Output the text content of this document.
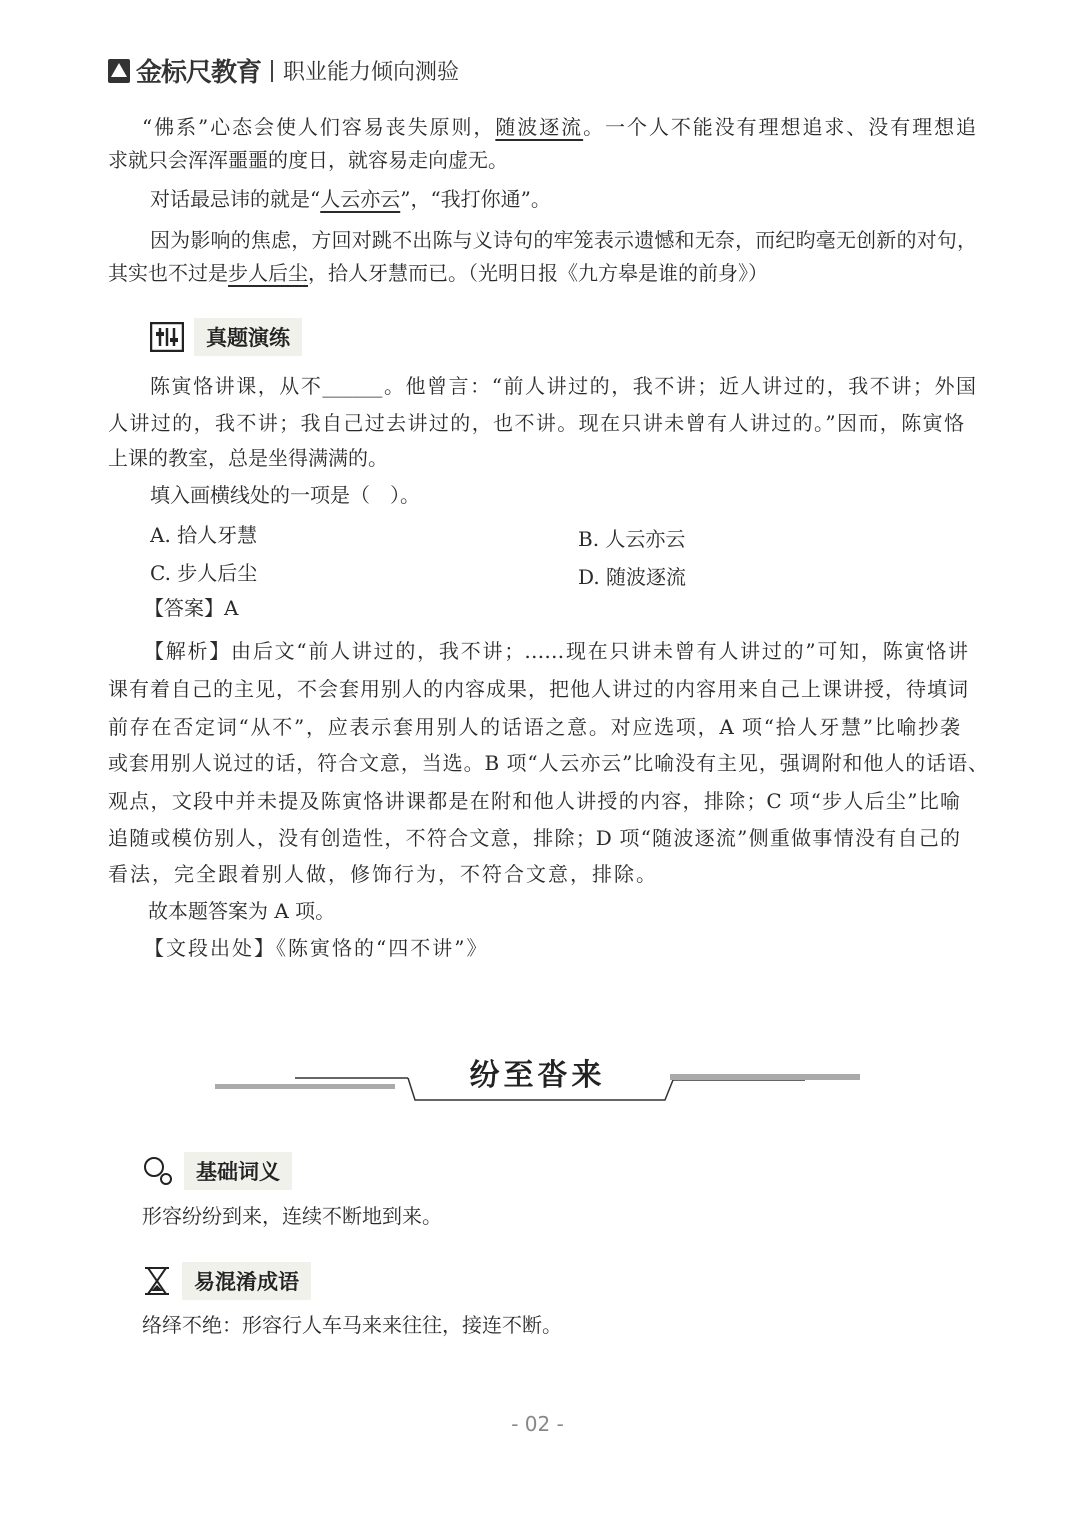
金标尺教育 职业能力倾向测验
“佛系”心态会使人们容易丧失原则，随波逐流。一个人不能没有理想追求、没有理想追
求就只会浑浑噩噩的度日，就容易走向虚无。
对话最忌讳的就是“人云亦云”，“我打你通”。
因为影响的焦虑，方回对跳不出陈与义诗句的牢笼表示遗憾和无奈，而纪昀毫无创新的对句，
其实也不过是步人后尘，拾人牙慧而已。（光明日报《九方皋是谁的前身》）
真题演练
陈寅恪讲课，从不______。他曾言：“前人讲过的，我不讲；近人讲过的，我不讲；外国
人讲过的，我不讲；我自己过去讲过的，也不讲。现在只讲未曾有人讲过的。”因而，陈寅恪
上课的教室，总是坐得满满的。
填入画横线处的一项是（　）。
A. 拾人牙慧	B. 人云亦云
C. 步人后尘	D. 随波逐流
【答案】A
【解析】由后文“前人讲过的，我不讲；……现在只讲未曾有人讲过的”可知，陈寅恪讲
课有着自己的主见，不会套用别人的内容成果，把他人讲过的内容用来自己上课讲授，待填词
前存在否定词“从不”，应表示套用别人的话语之意。对应选项，A 项“拾人牙慧”比喻抄袭
或套用别人说过的话，符合文意，当选。B 项“人云亦云”比喻没有主见，强调附和他人的话语、
观点，文段中并未提及陈寅恪讲课都是在附和他人讲授的内容，排除；C 项“步人后尘”比喻
追随或模仿别人，没有创造性，不符合文意，排除；D 项“随波逐流”侧重做事情没有自己的
看法，完全跟着别人做，修饰行为，不符合文意，排除。
故本题答案为 A 项。
【文段出处】《陈寅恪的“四不讲”》
纷至沓来
基础词义
形容纷纷到来，连续不断地到来。
易混淆成语
络绎不绝：形容行人车马来来往往，接连不断。
- 02 -
